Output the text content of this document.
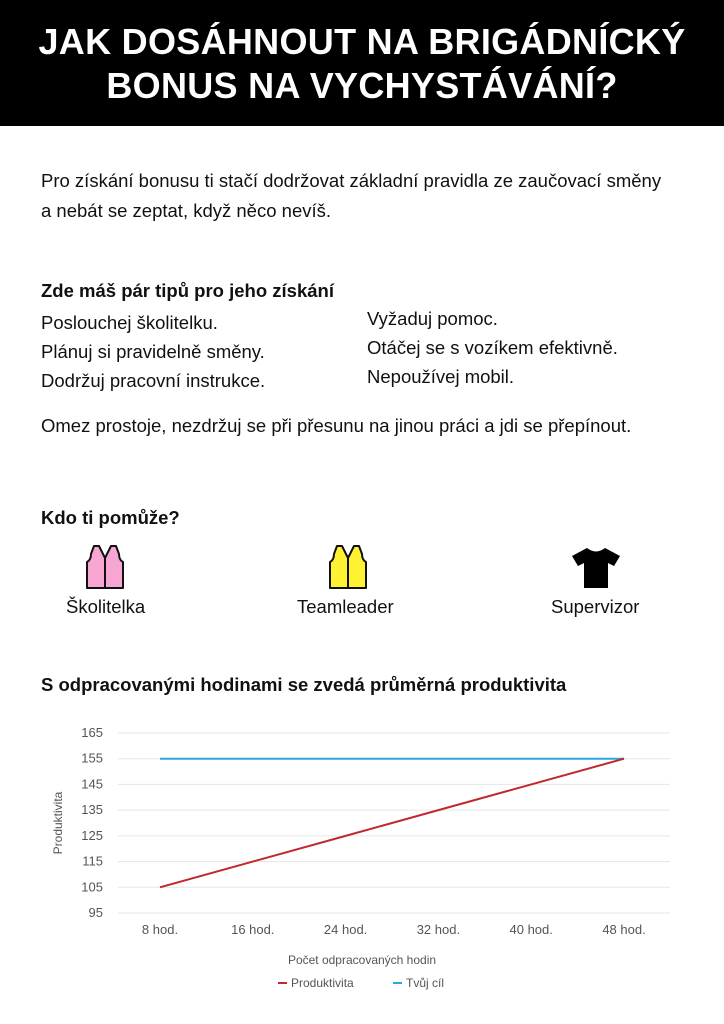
JAK DOSÁHNOUT NA BRIGÁDNÍCKÝ
BONUS NA VYCHYSTÁVÁNÍ?
Pro získání bonusu ti stačí dodržovat základní pravidla ze zaučovací směny
a nebát se zeptat, když něco nevíš.
Zde máš pár tipů pro jeho získání
Poslouchej školitelku.
Plánuj si pravidelně směny.
Dodržuj pracovní instrukce.
Vyžaduj pomoc.
Otáčej se s vozíkem efektivně.
Nepoužívej mobil.
Omez prostoje, nezdržuj se při přesunu na jinou práci a jdi se přepínout.
Kdo ti pomůže?
Školitelka	Teamleader	Supervizor
S odpracovanými hodinami se zvedá průměrná produktivita
95
105
115
125
135
145
155
165
8 hod.	16 hod.	24 hod.	32 hod.	40 hod.	48 hod.
Produktivita
Počet odpracovaných hodin
Produktivita	Tvůj cíl
